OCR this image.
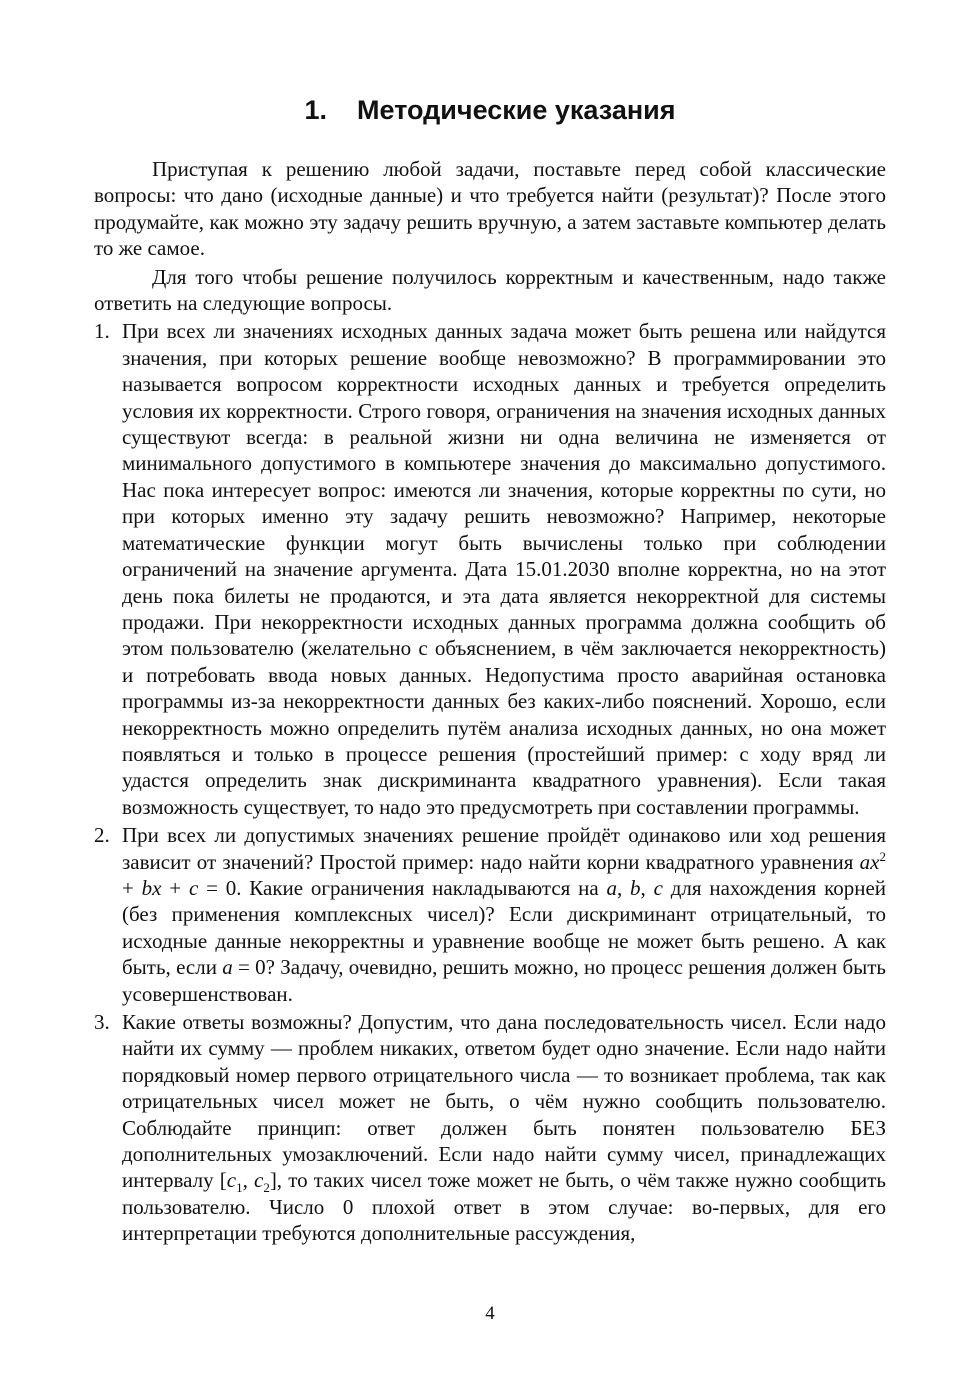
1. Методические указания

Приступая к решению любой задачи, поставьте перед собой классические вопросы: что дано (исходные данные) и что требуется найти (результат)? После этого продумайте, как можно эту задачу решить вручную, а затем заставьте компьютер делать то же самое.

Для того чтобы решение получилось корректным и качественным, надо также ответить на следующие вопросы.

1. При всех ли значениях исходных данных задача может быть решена или найдутся значения, при которых решение вообще невозможно? В программировании это называется вопросом корректности исходных данных и требуется определить условия их корректности. Строго говоря, ограничения на значения исходных данных существуют всегда: в реальной жизни ни одна величина не изменяется от минимального допустимого в компьютере значения до максимально допустимого. Нас пока интересует вопрос: имеются ли значения, которые корректны по сути, но при которых именно эту задачу решить невозможно? Например, некоторые математические функции могут быть вычислены только при соблюдении ограничений на значение аргумента. Дата 15.01.2030 вполне корректна, но на этот день пока билеты не продаются, и эта дата является некорректной для системы продажи. При некорректности исходных данных программа должна сообщить об этом пользователю (желательно с объяснением, в чём заключается некорректность) и потребовать ввода новых данных. Недопустима просто аварийная остановка программы из-за некорректности данных без каких-либо пояснений. Хорошо, если некорректность можно определить путём анализа исходных данных, но она может появляться и только в процессе решения (простейший пример: с ходу вряд ли удастся определить знак дискриминанта квадратного уравнения). Если такая возможность существует, то надо это предусмотреть при составлении программы.
2. При всех ли допустимых значениях решение пройдёт одинаково или ход решения зависит от значений? Простой пример: надо найти корни квадратного уравнения $ax^2$ + bx + c = 0. Какие ограничения накладываются на a, b, c для нахождения корней (без применения комплексных чисел)? Если дискриминант отрицательный, то исходные данные некорректны и уравнение вообще не может быть решено. А как быть, если a = 0? Задачу, очевидно, решить можно, но процесс решения должен быть усовершенствован.
3. Какие ответы возможны? Допустим, что дана последовательность чисел. Если надо найти их сумму — проблем никаких, ответом будет одно значение. Если надо найти порядковый номер первого отрицательного числа — то возникает проблема, так как отрицательных чисел может не быть, о чём нужно сообщить пользователю. Соблюдайте принцип: ответ должен быть понятен пользователю БЕЗ дополнительных умозаключений. Если надо найти сумму чисел, принадлежащих интервалу [$c_1$, $c_2$], то таких чисел тоже может не быть, о чём также нужно сообщить пользователю. Число 0 плохой ответ в этом случае: во-первых, для его интерпретации требуются дополнительные рассуждения,
4
